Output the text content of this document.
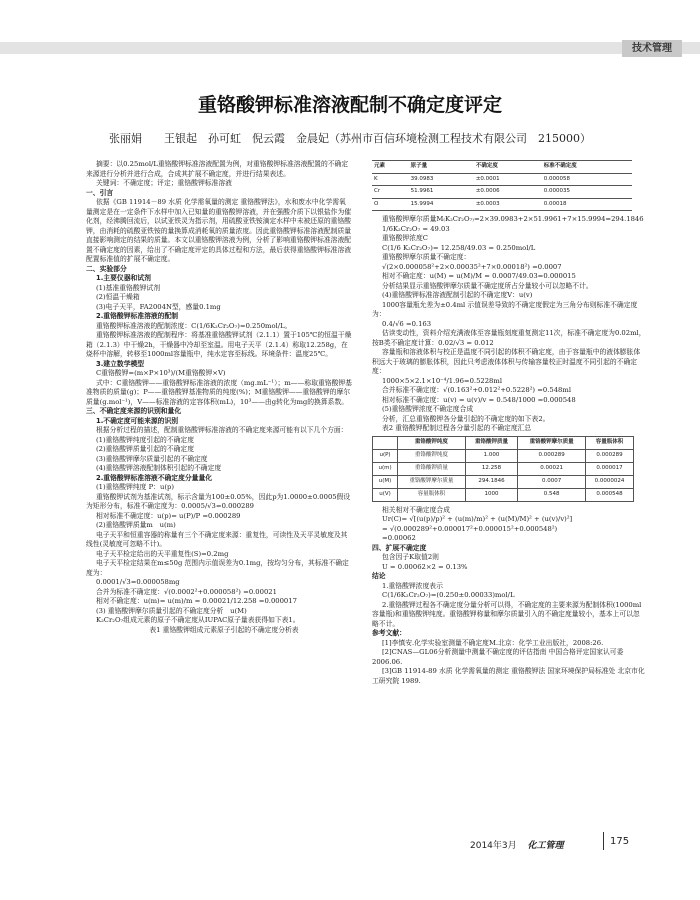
技术管理
重铬酸钾标准溶液配制不确定度评定
张丽娟　　王银起　孙可虹　倪云霞　金晨妃（苏州市百信环境检测工程技术有限公司　215000）

摘要：以0.25mol/L重铬酸钾标准溶液配置为例，对重铬酸钾标准溶液配置的不确定来源进行分析并进行合成，合成其扩展不确定度，并进行结果表述。

关键词：不确定度；评定；重铬酸钾标准溶液

一、引言

依据《GB 11914－89 水质 化学需氧量的测定 重铬酸钾法》，水和废水中化学需氧量测定是在一定条件下水样中加入已知量的重铬酸钾溶液，并在强酸介质下以银盐作为催化剂，经沸腾回流后，以试亚铁灵为指示剂，用硫酸亚铁铵滴定水样中未被还原的重铬酸钾，由消耗的硫酸亚铁铵的量换算成消耗氧的质量浓度。因此重铬酸钾标准溶液配制质量直接影响测定的结果的质量。本文以重铬酸钾溶液为例，分析了影响重铬酸钾标准溶液配置不确定度的因素，给出了不确定度评定的具体过程和方法，最后获得重铬酸钾标准溶液配置标准值的扩展不确定度。

二、实验部分

1.主要仪器和试剂

(1)基准重铬酸钾试剂

(2)恒温干燥箱

(3)电子天平，FA2004N型，感量0.1mg

2.重铬酸钾标准溶液的配制

重铬酸钾标准溶液的配制浓度：C(1/6K₂Cr₂O₇)=0.250mol/L。

重铬酸钾标准溶液的配制程序：将基准重铬酸钾试剂（2.1.1）置于105℃的恒温干燥箱（2.1.3）中干燥2h，干燥器中冷却至室温。用电子天平（2.1.4）称取12.258g，在烧杯中溶解，转移至1000ml容量瓶中，纯水定容至标线。环境条件：温度25℃。

3.建立数学模型

C重铬酸钾=(m×P×10³)/(M重铬酸钾×V)

式中：C重铬酸钾——重铬酸钾标准溶液的浓度（mg.mL⁻¹）；m——称取重铬酸钾基准物质的质量(g)；P——重铬酸钾基准物质的纯度(%)；M重铬酸钾——重铬酸钾的摩尔质量(g.mol⁻¹)，V——标准溶液的定容体积(mL)，10³——由g转化为mg的换算系数。

三、不确定度来源的识别和量化

1.不确定度可能来源的识别

根据分析过程的描述，配制重铬酸钾标准溶液的不确定度来源可能有以下几个方面：

(1)重铬酸钾纯度引起的不确定度

(2)重铬酸钾质量引起的不确定度

(3)重铬酸钾摩尔质量引起的不确定度

(4)重铬酸钾溶液配制体积引起的不确定度

2.重铬酸钾标准溶液不确定度分量量化

(1)重铬酸钾纯度 P：u(p)

重铬酸钾试剂为基准试剂，标示含量为100±0.05%，因此p为1.0000±0.0005假设为矩形分布，标准不确定度为：0.0005/√3=0.000289

相对标准不确定度：u(p)= u(P)/P =0.000289

(2)重铬酸钾质量m　u(m)

电子天平和恒重容器的称量有三个不确定度来源：重复性，可读性及天平灵敏度及其线性(灵敏度可忽略不计)。

电子天平检定给出的天平重复性(S)=0.2mg

电子天平检定结果在m≤50g 范围内示值误差为0.1mg，按均匀分布，其标准不确定度为：

0.0001/√3=0.000058mg

合并为标准不确定度：√(0.0002²+0.000058²) =0.00021

相对不确定度：u(m)= u(m)/m = 0.00021/12.258 =0.000017

(3) 重铬酸钾摩尔质量引起的不确定度分析　u(M)

K₂Cr₂O₇组成元素的原子不确定度从IUPAC原子量表获得如下表1。

表1 重铬酸钾组成元素原子引起的不确定度分析表

元素	原子量	不确定度	标准不确定度
K	39.0983	±0.0001	0.000058
Cr	51.9961	±0.0006	0.000035
O	15.9994	±0.0003	0.00018

重铬酸钾摩尔质量M₍K₂Cr₂O₇₎=2×39.0983+2×51.9961+7×15.9994=294.1846

1/6K₂Cr₂O₇ = 49.03

重铬酸钾浓度C

C(1/6 K₂Cr₂O₇)= 12.258/49.03 = 0.250mol/L

重铬酸钾摩尔质量不确定度：

√(2×0.000058²+2×0.00035²+7×0.00018²) =0.0007

相对不确定度：u(M) = u(M)/M = 0.0007/49.03=0.000015

分析结果显示重铬酸钾摩尔质量不确定度所占分量较小可以忽略不计。

(4)重铬酸钾标准溶液配制引起的不确定度V：u(v)

1000容量瓶允差为±0.4ml 示值误差导致的不确定度假定为三角分布则标准不确定度为：

0.4/√6 =0.163

估读变动性，资料介绍充满液体至容量瓶刻度重复测定11次，标准不确定度为0.02ml，按B类不确定度计算：0.02/√3 = 0.012

容量瓶和溶液体积与校正是温度不同引起的体积不确定度，由于容量瓶中的液体膨胀体积远大于玻璃的膨胀体积，因此只考虑液体体积与传输容量校正时温度不同引起的不确定度：

1000×5×2.1×10⁻⁴/1.96=0.5228ml

合并标准不确定度：√(0.163²+0.012²+0.5228²) =0.548ml

相对标准不确定度：u(v) = u(v)/v = 0.548/1000 =0.000548

(5)重铬酸钾浓度不确定度合成

分析，汇总重铬酸钾各分量引起的不确定度的如下表2。

表2 重铬酸钾配制过程各分量引起的不确定度汇总

	重铬酸钾纯度	重铬酸钾质量	重铬酸钾摩尔质量	容量瓶体积
u(P)	重铬酸钾纯度	1.000	0.000289	0.000289
u(m)	重铬酸钾质量	12.258	0.00021	0.000017
u(M)	重铬酸钾摩尔质量	294.1846	0.0007	0.0000024
u(V)	容量瓶体积	1000	0.548	0.000548

相关相对不确定度合成

Ur(C)= √[(u(p)/p)² + (u(m)/m)² + (u(M)/M)² + (u(v)/v)²]

= √(0.000289²+0.000017²+0.000015²+0.000548²)

=0.00062

四、扩展不确定度

包含因子K取值2则

U = 0.00062×2 = 0.13%

结论

1.重铬酸钾浓度表示

C(1/6K₂Cr₂O₇)=(0.250±0.00033)mol/L

2.重铬酸钾过程各不确定度分量分析可以得，不确定度的主要来源为配制体积(1000ml容量瓶)和重铬酸钾纯度。重铬酸钾称量和摩尔质量引入的不确定度量较小，基本上可以忽略不计。

参考文献：

[1]李慎安.化学实验室测量不确定度M.北京：化学工业出版社，2008:26.

[2]CNAS—GL06分析测量中测量不确定度的评估指南 中国合格评定国家认可委 2006.06.

[3]GB 11914-89 水质 化学需氧量的测定 重铬酸钾法 国家环境保护局标准处 北京市化工研究院 1989.

2014年3月 化工管理	175
